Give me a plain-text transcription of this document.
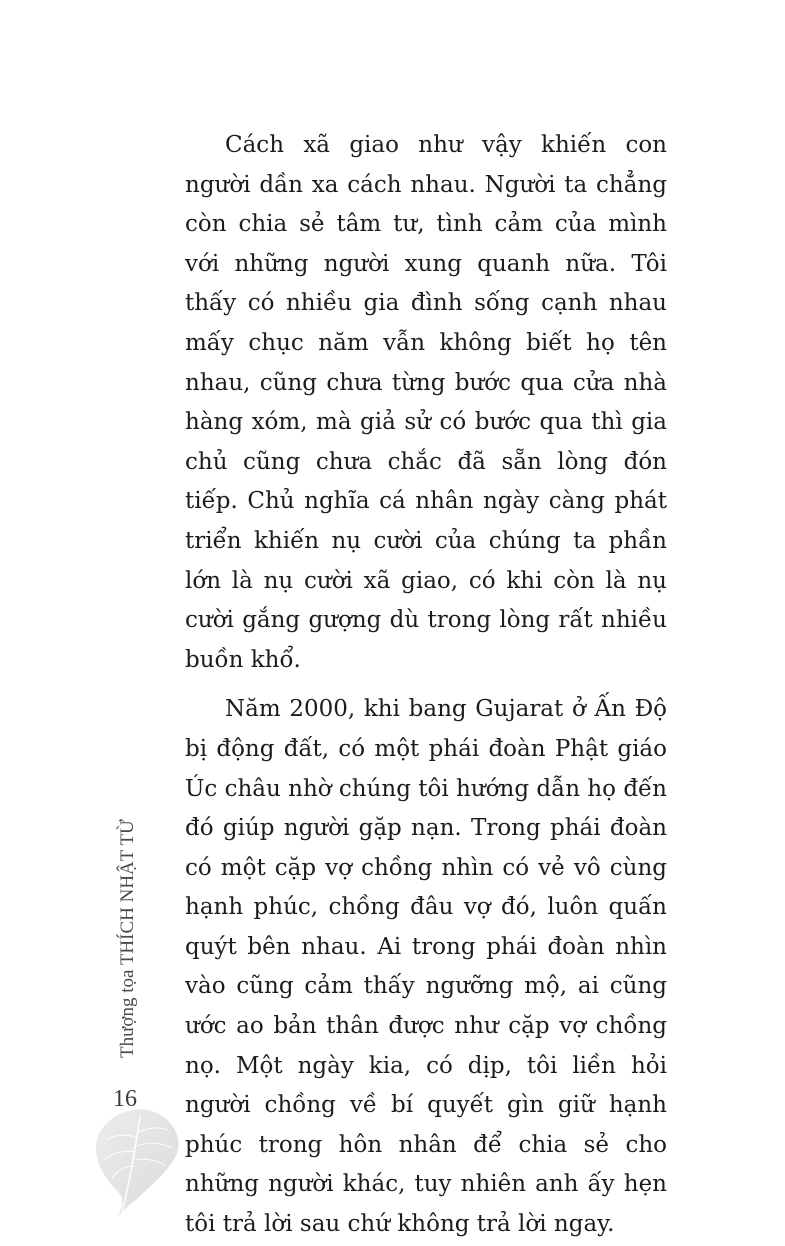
Cách xã giao như vậy khiến con người dần xa cách nhau. Người ta chẳng còn chia sẻ tâm tư, tình cảm của mình với những người xung quanh nữa. Tôi thấy có nhiều gia đình sống cạnh nhau mấy chục năm vẫn không biết họ tên nhau, cũng chưa từng bước qua cửa nhà hàng xóm, mà giả sử có bước qua thì gia chủ cũng chưa chắc đã sẵn lòng đón tiếp. Chủ nghĩa cá nhân ngày càng phát triển khiến nụ cười của chúng ta phần lớn là nụ cười xã giao, có khi còn là nụ cười gắng gượng dù trong lòng rất nhiều buồn khổ.

Năm 2000, khi bang Gujarat ở Ấn Độ bị động đất, có một phái đoàn Phật giáo Úc châu nhờ chúng tôi hướng dẫn họ đến đó giúp người gặp nạn. Trong phái đoàn có một cặp vợ chồng nhìn có vẻ vô cùng hạnh phúc, chồng đâu vợ đó, luôn quấn quýt bên nhau. Ai trong phái đoàn nhìn vào cũng cảm thấy ngưỡng mộ, ai cũng ước ao bản thân được như cặp vợ chồng nọ. Một ngày kia, có dịp, tôi liền hỏi người chồng về bí quyết gìn giữ hạnh phúc trong hôn nhân để chia sẻ cho những người khác, tuy nhiên anh ấy hẹn tôi trả lời sau chứ không trả lời ngay.

Thượng tọa THÍCH NHẬT TỪ
16
